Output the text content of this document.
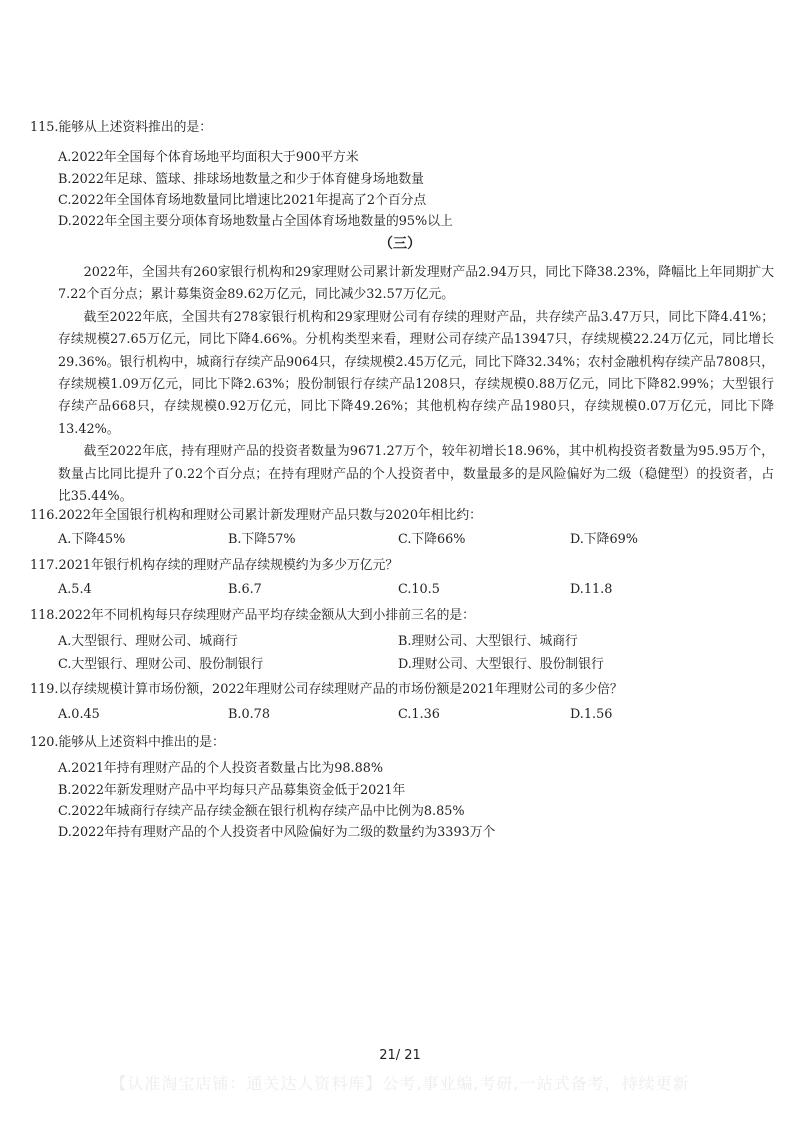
115.能够从上述资料推出的是：
A.2022年全国每个体育场地平均面积大于900平方米
B.2022年足球、篮球、排球场地数量之和少于体育健身场地数量
C.2022年全国体育场地数量同比增速比2021年提高了2个百分点
D.2022年全国主要分项体育场地数量占全国体育场地数量的95%以上
（三）

2022年，全国共有260家银行机构和29家理财公司累计新发理财产品2.94万只，同比下降38.23%，降幅比上年同期扩大7.22个百分点；累计募集资金89.62万亿元，同比减少32.57万亿元。

截至2022年底，全国共有278家银行机构和29家理财公司有存续的理财产品，共存续产品3.47万只，同比下降4.41%；存续规模27.65万亿元，同比下降4.66%。分机构类型来看，理财公司存续产品13947只，存续规模22.24万亿元，同比增长29.36%。银行机构中，城商行存续产品9064只，存续规模2.45万亿元，同比下降32.34%；农村金融机构存续产品7808只，存续规模1.09万亿元，同比下降2.63%；股份制银行存续产品1208只，存续规模0.88万亿元，同比下降82.99%；大型银行存续产品668只，存续规模0.92万亿元，同比下降49.26%；其他机构存续产品1980只，存续规模0.07万亿元，同比下降13.42%。

截至2022年底，持有理财产品的投资者数量为9671.27万个，较年初增长18.96%，其中机构投资者数量为95.95万个，数量占比同比提升了0.22个百分点；在持有理财产品的个人投资者中，数量最多的是风险偏好为二级（稳健型）的投资者，占比35.44%。

116.2022年全国银行机构和理财公司累计新发理财产品只数与2020年相比约：
A.下降45%	B.下降57%	C.下降66%	D.下降69%
117.2021年银行机构存续的理财产品存续规模约为多少万亿元？
A.5.4	B.6.7	C.10.5	D.11.8
118.2022年不同机构每只存续理财产品平均存续金额从大到小排前三名的是：
A.大型银行、理财公司、城商行	B.理财公司、大型银行、城商行
C.大型银行、理财公司、股份制银行	D.理财公司、大型银行、股份制银行
119.以存续规模计算市场份额，2022年理财公司存续理财产品的市场份额是2021年理财公司的多少倍？
A.0.45	B.0.78	C.1.36	D.1.56
120.能够从上述资料中推出的是：
A.2021年持有理财产品的个人投资者数量占比为98.88%
B.2022年新发理财产品中平均每只产品募集资金低于2021年
C.2022年城商行存续产品存续金额在银行机构存续产品中比例为8.85%
D.2022年持有理财产品的个人投资者中风险偏好为二级的数量约为3393万个
21/ 21
【认准淘宝店铺：通关达人资料库】公考,事业编,考研,一站式备考，持续更新
